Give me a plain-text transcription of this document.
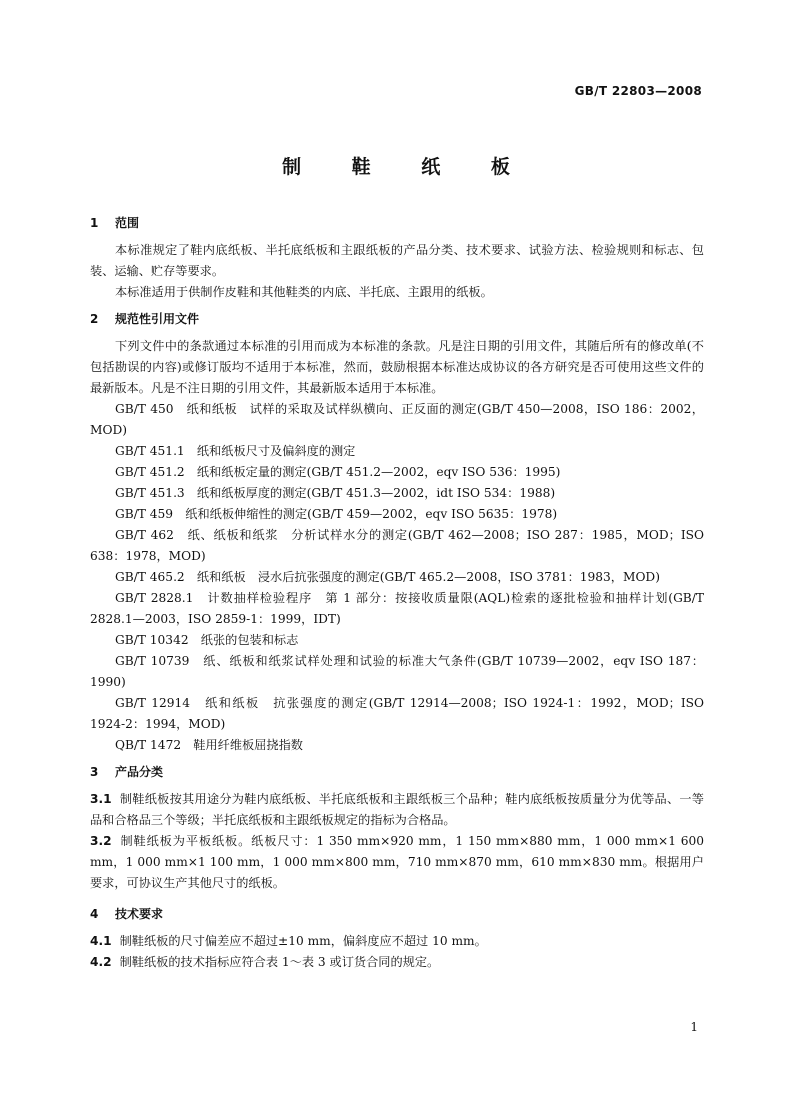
GB/T 22803—2008
制 鞋 纸 板
1 范围

本标准规定了鞋内底纸板、半托底纸板和主跟纸板的产品分类、技术要求、试验方法、检验规则和标志、包装、运输、贮存等要求。

本标准适用于供制作皮鞋和其他鞋类的内底、半托底、主跟用的纸板。

2 规范性引用文件

下列文件中的条款通过本标准的引用而成为本标准的条款。凡是注日期的引用文件，其随后所有的修改单(不包括勘误的内容)或修订版均不适用于本标准，然而，鼓励根据本标准达成协议的各方研究是否可使用这些文件的最新版本。凡是不注日期的引用文件，其最新版本适用于本标准。

GB/T 450　纸和纸板　试样的采取及试样纵横向、正反面的测定(GB/T 450—2008，ISO 186：2002，MOD)

GB/T 451.1　纸和纸板尺寸及偏斜度的测定

GB/T 451.2　纸和纸板定量的测定(GB/T 451.2—2002，eqv ISO 536：1995)

GB/T 451.3　纸和纸板厚度的测定(GB/T 451.3—2002，idt ISO 534：1988)

GB/T 459　纸和纸板伸缩性的测定(GB/T 459—2002，eqv ISO 5635：1978)

GB/T 462　纸、纸板和纸浆　分析试样水分的测定(GB/T 462—2008；ISO 287：1985，MOD；ISO 638：1978，MOD)

GB/T 465.2　纸和纸板　浸水后抗张强度的测定(GB/T 465.2—2008，ISO 3781：1983，MOD)

GB/T 2828.1　计数抽样检验程序　第 1 部分：按接收质量限(AQL)检索的逐批检验和抽样计划(GB/T 2828.1—2003，ISO 2859-1：1999，IDT)

GB/T 10342　纸张的包装和标志

GB/T 10739　纸、纸板和纸浆试样处理和试验的标准大气条件(GB/T 10739—2002，eqv ISO 187：1990)

GB/T 12914　纸和纸板　抗张强度的测定(GB/T 12914—2008；ISO 1924-1：1992，MOD；ISO 1924-2：1994，MOD)

QB/T 1472　鞋用纤维板屈挠指数

3 产品分类

3.1 制鞋纸板按其用途分为鞋内底纸板、半托底纸板和主跟纸板三个品种；鞋内底纸板按质量分为优等品、一等品和合格品三个等级；半托底纸板和主跟纸板规定的指标为合格品。

3.2 制鞋纸板为平板纸板。纸板尺寸：1 350 mm×920 mm，1 150 mm×880 mm，1 000 mm×1 600 mm，1 000 mm×1 100 mm，1 000 mm×800 mm，710 mm×870 mm，610 mm×830 mm。根据用户要求，可协议生产其他尺寸的纸板。

4 技术要求

4.1 制鞋纸板的尺寸偏差应不超过±10 mm，偏斜度应不超过 10 mm。

4.2 制鞋纸板的技术指标应符合表 1～表 3 或订货合同的规定。

1
